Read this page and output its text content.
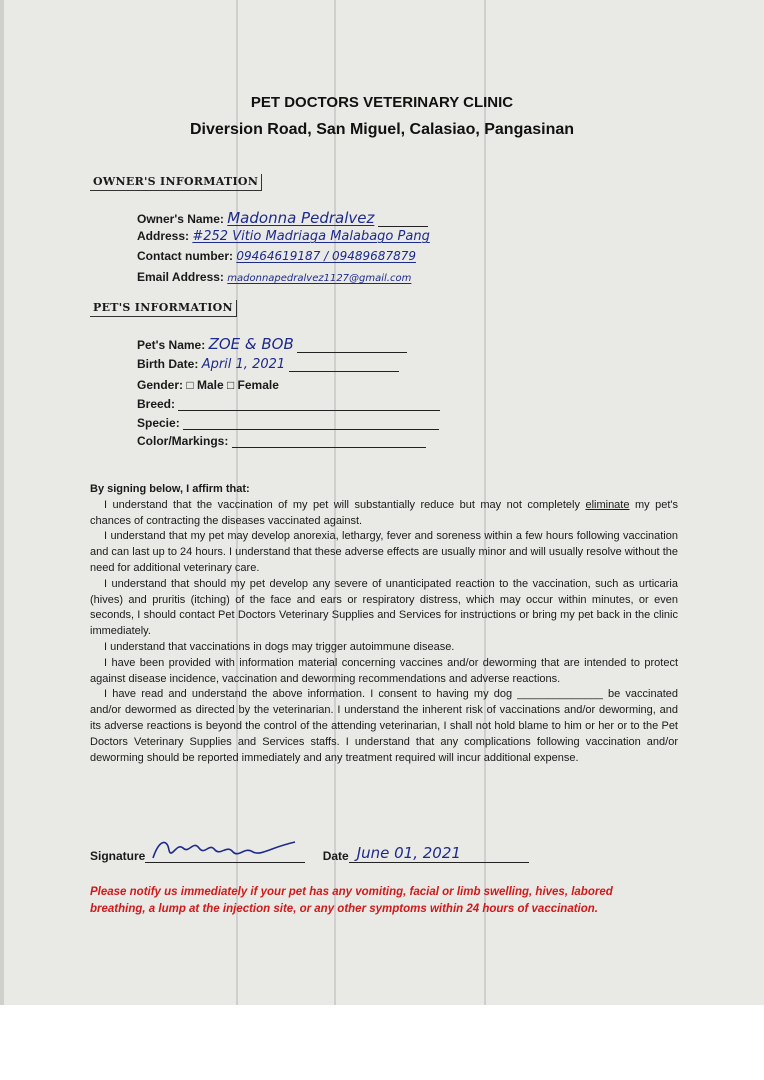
PET DOCTORS VETERINARY CLINIC
Diversion Road, San Miguel, Calasiao, Pangasinan
OWNER'S INFORMATION
Owner's Name: Madonna Pedralvez
Address: #252 Vitio Madriaga Malabago Pang
Contact number: 09464619187 / 09489687879
Email Address: madonnapedralvez1127@gmail.com
PET'S INFORMATION
Pet's Name: ZOE & BOB
Birth Date: April 1, 2021
Gender: □ Male □ Female
Breed:
Specie:
Color/Markings:
By signing below, I affirm that:

I understand that the vaccination of my pet will substantially reduce but may not completely eliminate my pet's chances of contracting the diseases vaccinated against.

I understand that my pet may develop anorexia, lethargy, fever and soreness within a few hours following vaccination and can last up to 24 hours. I understand that these adverse effects are usually minor and will usually resolve without the need for additional veterinary care.

I understand that should my pet develop any severe of unanticipated reaction to the vaccination, such as urticaria (hives) and pruritis (itching) of the face and ears or respiratory distress, which may occur within minutes, or even seconds, I should contact Pet Doctors Veterinary Supplies and Services for instructions or bring my pet back in the clinic immediately.

I understand that vaccinations in dogs may trigger autoimmune disease.

I have been provided with information material concerning vaccines and/or deworming that are intended to protect against disease incidence, vaccination and deworming recommendations and adverse reactions.

I have read and understand the above information. I consent to having my dog ______________ be vaccinated and/or dewormed as directed by the veterinarian. I understand the inherent risk of vaccinations and/or deworming, and its adverse reactions is beyond the control of the attending veterinarian, I shall not hold blame to him or her or to the Pet Doctors Veterinary Supplies and Services staffs. I understand that any complications following vaccination and/or deworming should be reported immediately and any treatment required will incur additional expense.

Signature	Date June 01, 2021
Please notify us immediately if your pet has any vomiting, facial or limb swelling, hives, labored breathing, a lump at the injection site, or any other symptoms within 24 hours of vaccination.
